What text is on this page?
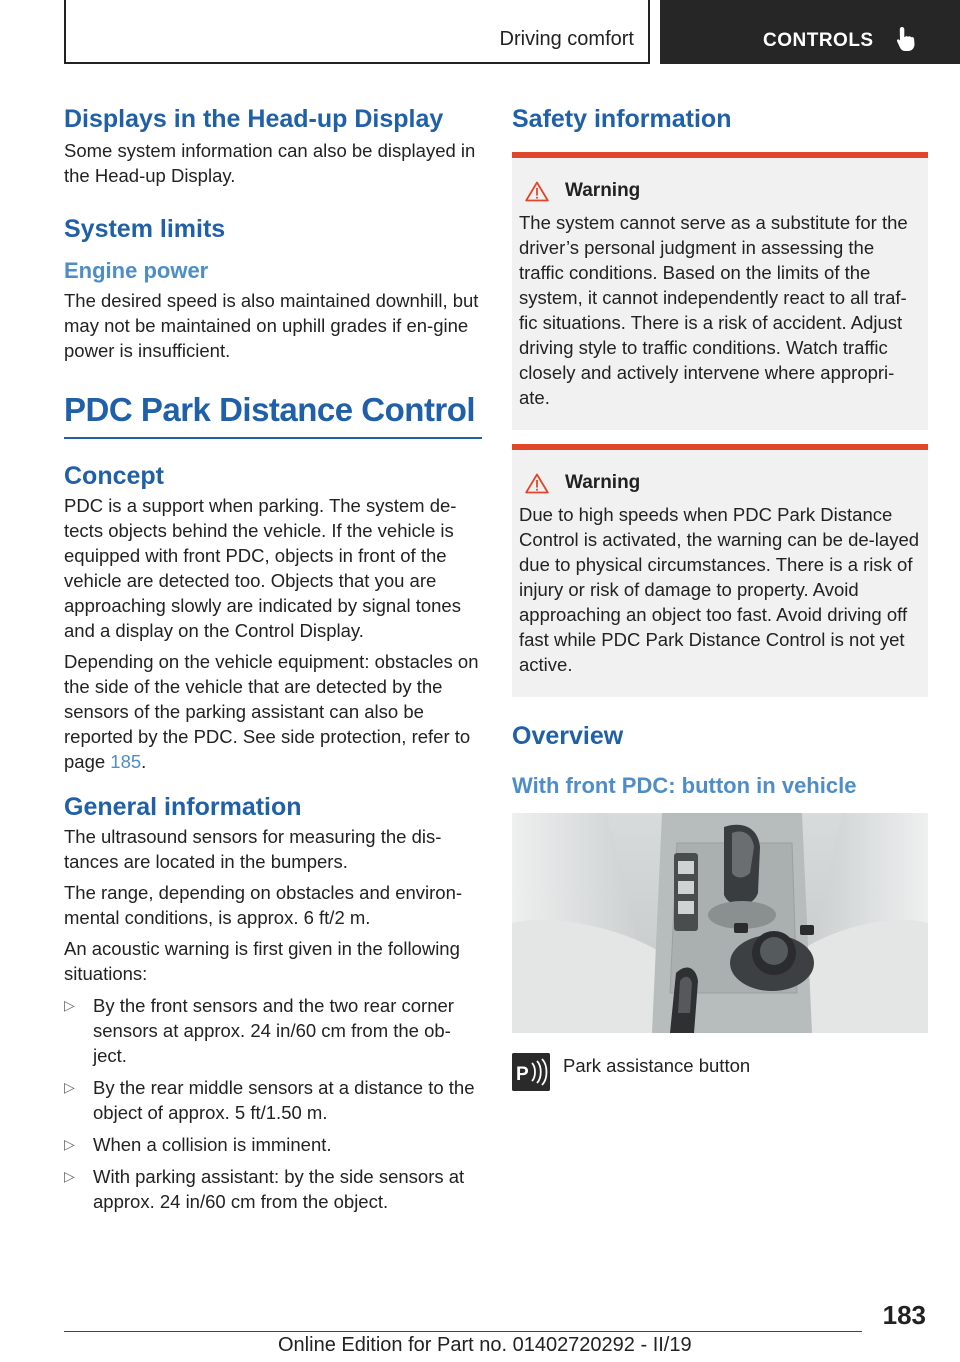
Driving comfort	CONTROLS
Displays in the Head-up Display

Some system information can also be displayed in the Head-up Display.

System limits
Engine power

The desired speed is also maintained downhill, but may not be maintained on uphill grades if en-gine power is insufficient.

PDC Park Distance Control
Concept

PDC is a support when parking. The system de-tects objects behind the vehicle. If the vehicle is equipped with front PDC, objects in front of the vehicle are detected too. Objects that you are approaching slowly are indicated by signal tones and a display on the Control Display.

Depending on the vehicle equipment: obstacles on the side of the vehicle that are detected by the sensors of the parking assistant can also be reported by the PDC. See side protection, refer to page 185.

General information

The ultrasound sensors for measuring the dis-tances are located in the bumpers.

The range, depending on obstacles and environ-mental conditions, is approx. 6 ft/2 m.

An acoustic warning is first given in the following situations:

▷ By the front sensors and the two rear corner sensors at approx. 24 in/60 cm from the ob-ject.
▷ By the rear middle sensors at a distance to the object of approx. 5 ft/1.50 m.
▷ When a collision is imminent.
▷ With parking assistant: by the side sensors at approx. 24 in/60 cm from the object.
Safety information
Warning

The system cannot serve as a substitute for the driver’s personal judgment in assessing the traffic conditions. Based on the limits of the system, it cannot independently react to all traf-fic situations. There is a risk of accident. Adjust driving style to traffic conditions. Watch traffic closely and actively intervene where appropri-ate.

Warning

Due to high speeds when PDC Park Distance Control is activated, the warning can be de-layed due to physical circumstances. There is a risk of injury or risk of damage to property. Avoid approaching an object too fast. Avoid driving off fast while PDC Park Distance Control is not yet active.

Overview
With front PDC: button in vehicle
P Park assistance button

183
Online Edition for Part no. 01402720292 - II/19
